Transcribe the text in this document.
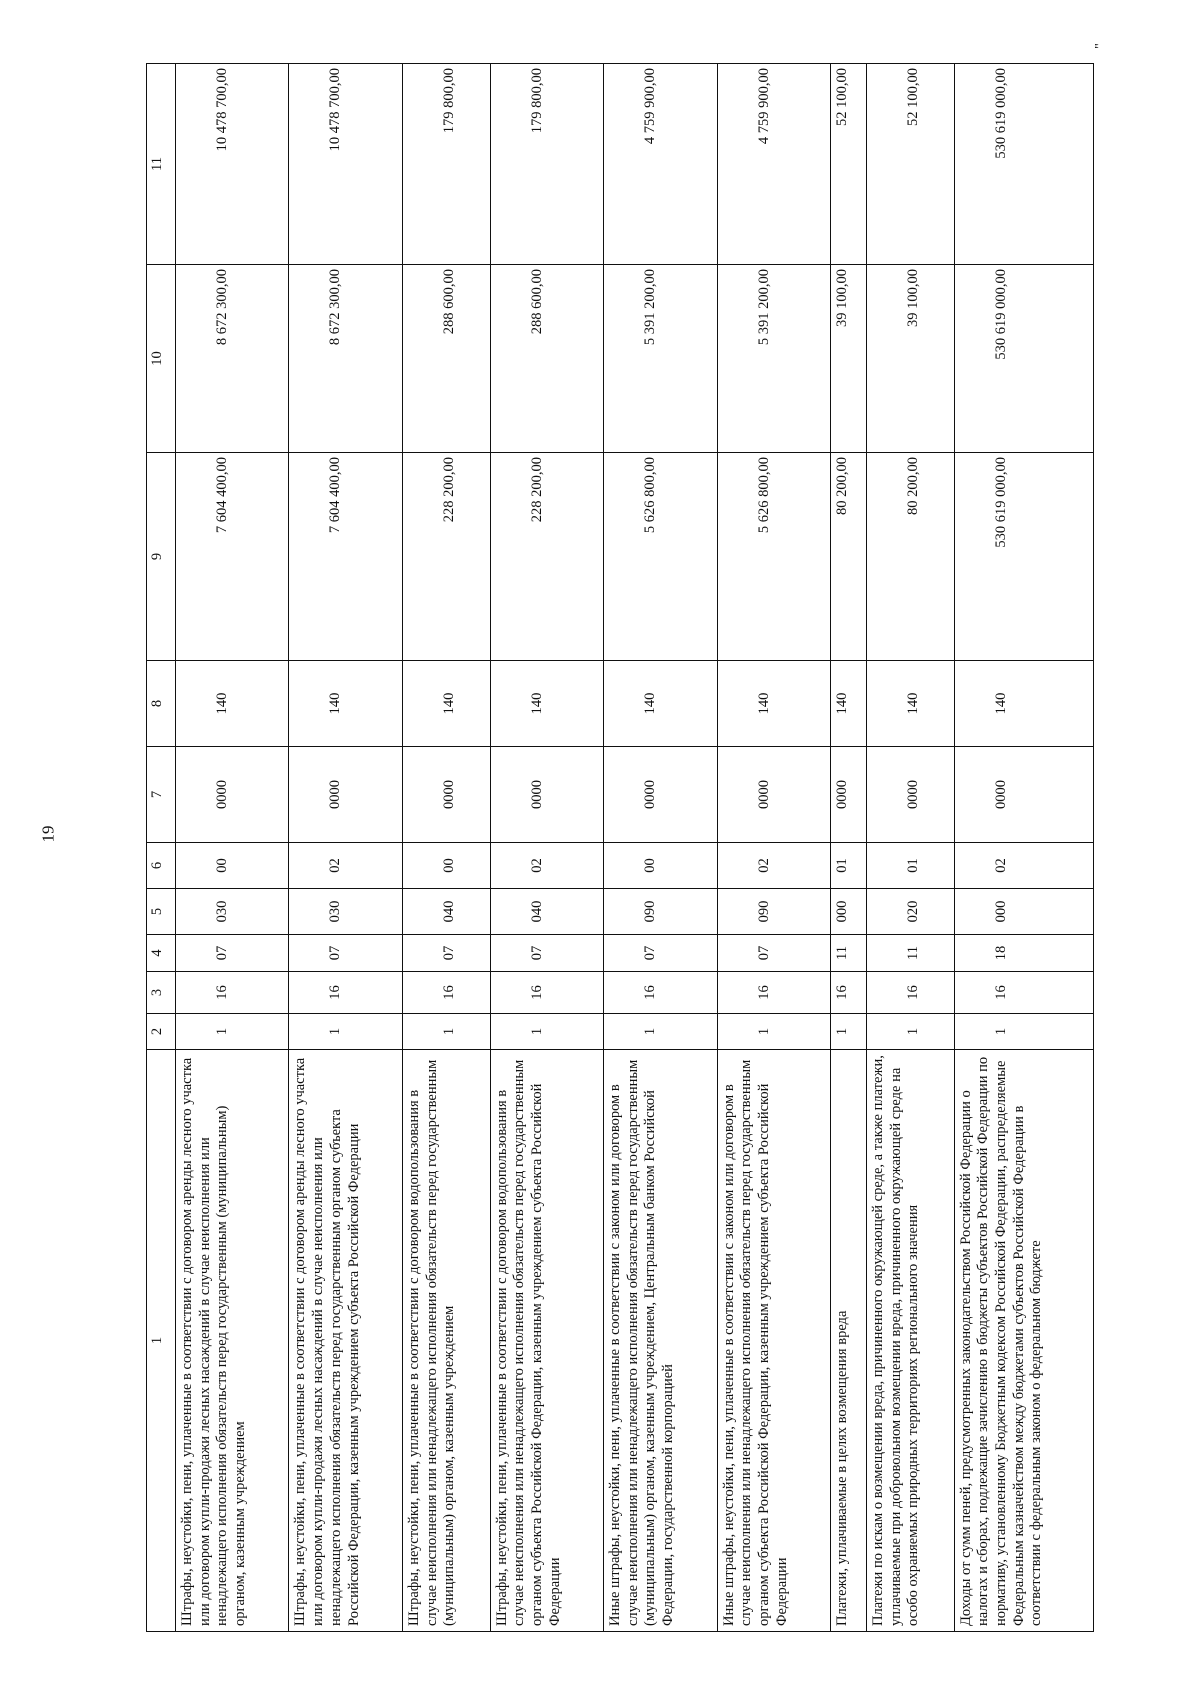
19
"
1	2	3	4	5	6	7	8	9	10	11
Штрафы, неустойки, пени, уплаченные в соответствии с договором аренды лесного участка или договором купли-продажи лесных насаждений в случае неисполнения или ненадлежащего исполнения обязательств перед государственным (муниципальным) органом, казенным учреждением	1	16	07	030	00	0000	140	7 604 400,00	8 672 300,00	10 478 700,00
Штрафы, неустойки, пени, уплаченные в соответствии с договором аренды лесного участка или договором купли-продажи лесных насаждений в случае неисполнения или ненадлежащего исполнения обязательств перед государственным органом субъекта Российской Федерации, казенным учреждением субъекта Российской Федерации	1	16	07	030	02	0000	140	7 604 400,00	8 672 300,00	10 478 700,00
Штрафы, неустойки, пени, уплаченные в соответствии с договором водопользования в случае неисполнения или ненадлежащего исполнения обязательств перед государственным (муниципальным) органом, казенным учреждением	1	16	07	040	00	0000	140	228 200,00	288 600,00	179 800,00
Штрафы, неустойки, пени, уплаченные в соответствии с договором водопользования в случае неисполнения или ненадлежащего исполнения обязательств перед государственным органом субъекта Российской Федерации, казенным учреждением субъекта Российской Федерации	1	16	07	040	02	0000	140	228 200,00	288 600,00	179 800,00
Иные штрафы, неустойки, пени, уплаченные в соответствии с законом или договором в случае неисполнения или ненадлежащего исполнения обязательств перед государственным (муниципальным) органом, казенным учреждением, Центральным банком Российской Федерации, государственной корпорацией	1	16	07	090	00	0000	140	5 626 800,00	5 391 200,00	4 759 900,00
Иные штрафы, неустойки, пени, уплаченные в соответствии с законом или договором в случае неисполнения или ненадлежащего исполнения обязательств перед государственным органом субъекта Российской Федерации, казенным учреждением субъекта Российской Федерации	1	16	07	090	02	0000	140	5 626 800,00	5 391 200,00	4 759 900,00
Платежи, уплачиваемые в целях возмещения вреда	1	16	11	000	01	0000	140	80 200,00	39 100,00	52 100,00
Платежи по искам о возмещении вреда, причиненного окружающей среде, а также платежи, уплачиваемые при добровольном возмещении вреда, причиненного окружающей среде на особо охраняемых природных территориях регионального значения	1	16	11	020	01	0000	140	80 200,00	39 100,00	52 100,00
Доходы от сумм пеней, предусмотренных законодательством Российской Федерации о налогах и сборах, подлежащие зачислению в бюджеты субъектов Российской Федерации по нормативу, установленному Бюджетным кодексом Российской Федерации, распределяемые Федеральным казначейством между бюджетами субъектов Российской Федерации в соответствии с федеральным законом о федеральном бюджете	1	16	18	000	02	0000	140	530 619 000,00	530 619 000,00	530 619 000,00
